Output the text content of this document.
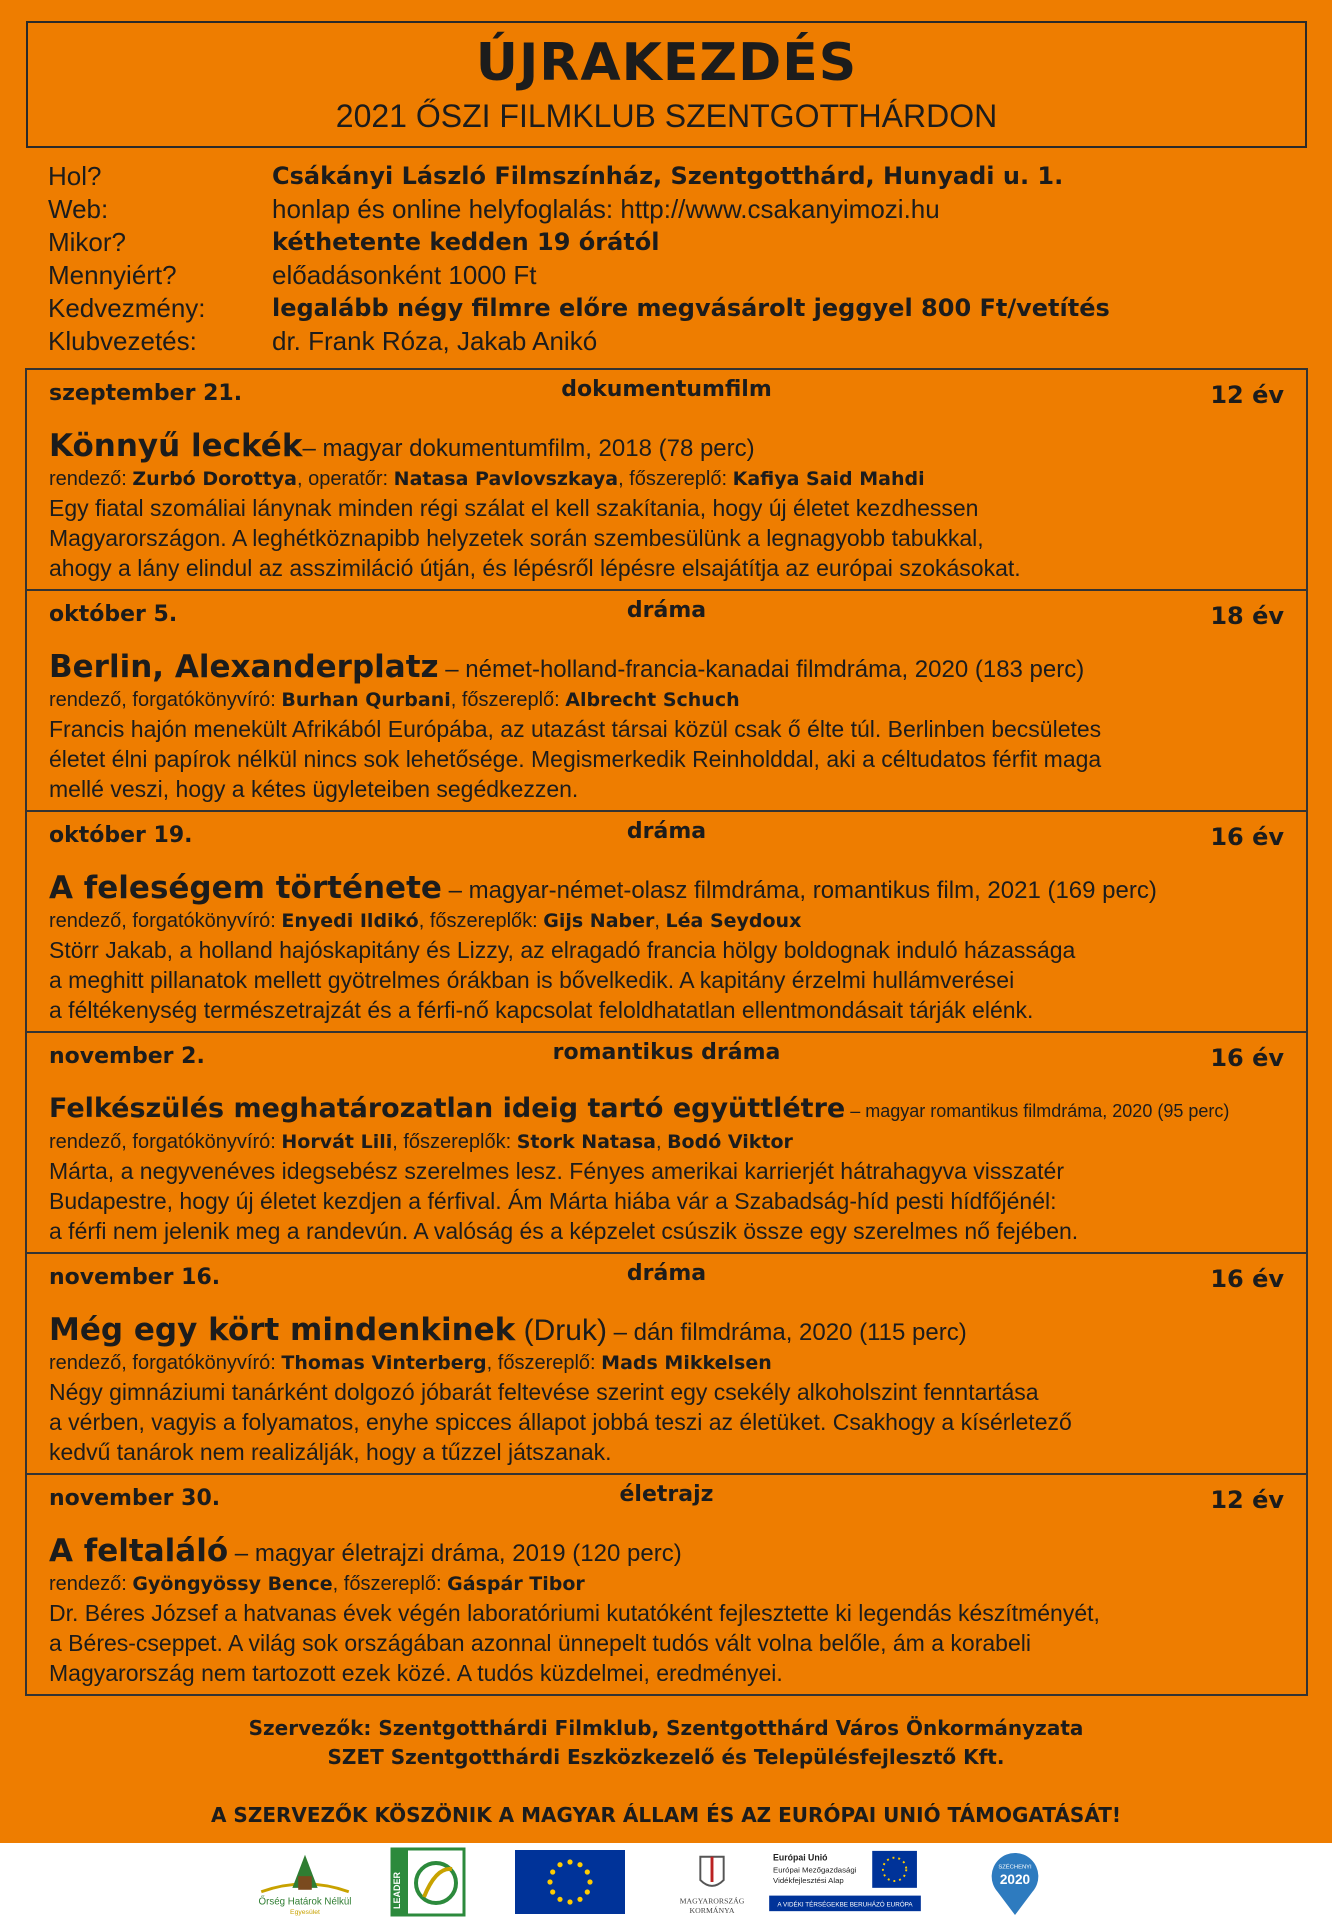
ÚJRAKEZDÉS
2021 ŐSZI FILMKLUB SZENTGOTTHÁRDON
Hol?	Csákányi László Filmszínház, Szentgotthárd, Hunyadi u. 1.
Web:	honlap és online helyfoglalás: http://www.csakanyimozi.hu
Mikor?	kéthetente kedden 19 órától
Mennyiért?	előadásonként 1000 Ft
Kedvezmény:	legalább négy filmre előre megvásárolt jeggyel 800 Ft/vetítés
Klubvezetés:	dr. Frank Róza, Jakab Anikó
szeptember 21.	dokumentumfilm	12 év
Könnyű leckék– magyar dokumentumfilm, 2018 (78 perc)
rendező: Zurbó Dorottya, operatőr: Natasa Pavlovszkaya, főszereplő: Kafiya Said Mahdi
Egy fiatal szomáliai lánynak minden régi szálat el kell szakítania, hogy új életet kezdhessen
Magyarországon. A leghétköznapibb helyzetek során szembesülünk a legnagyobb tabukkal,
ahogy a lány elindul az asszimiláció útján, és lépésről lépésre elsajátítja az európai szokásokat.
október 5.	dráma	18 év
Berlin, Alexanderplatz – német-holland-francia-kanadai filmdráma, 2020 (183 perc)
rendező, forgatókönyvíró: Burhan Qurbani, főszereplő: Albrecht Schuch
Francis hajón menekült Afrikából Európába, az utazást társai közül csak ő élte túl. Berlinben becsületes
életet élni papírok nélkül nincs sok lehetősége. Megismerkedik Reinholddal, aki a céltudatos férfit maga
mellé veszi, hogy a kétes ügyleteiben segédkezzen.
október 19.	dráma	16 év
A feleségem története – magyar-német-olasz filmdráma, romantikus film, 2021 (169 perc)
rendező, forgatókönyvíró: Enyedi Ildikó, főszereplők: Gijs Naber, Léa Seydoux
Störr Jakab, a holland hajóskapitány és Lizzy, az elragadó francia hölgy boldognak induló házassága
a meghitt pillanatok mellett gyötrelmes órákban is bővelkedik. A kapitány érzelmi hullámverései
a féltékenység természetrajzát és a férfi-nő kapcsolat feloldhatatlan ellentmondásait tárják elénk.
november 2.	romantikus dráma	16 év
Felkészülés meghatározatlan ideig tartó együttlétre – magyar romantikus filmdráma, 2020 (95 perc)
rendező, forgatókönyvíró: Horvát Lili, főszereplők: Stork Natasa, Bodó Viktor
Márta, a negyvenéves idegsebész szerelmes lesz. Fényes amerikai karrierjét hátrahagyva visszatér
Budapestre, hogy új életet kezdjen a férfival. Ám Márta hiába vár a Szabadság-híd pesti hídfőjénél:
a férfi nem jelenik meg a randevún. A valóság és a képzelet csúszik össze egy szerelmes nő fejében.
november 16.	dráma	16 év
Még egy kört mindenkinek (Druk) – dán filmdráma, 2020 (115 perc)
rendező, forgatókönyvíró: Thomas Vinterberg, főszereplő: Mads Mikkelsen
Négy gimnáziumi tanárként dolgozó jóbarát feltevése szerint egy csekély alkoholszint fenntartása
a vérben, vagyis a folyamatos, enyhe spicces állapot jobbá teszi az életüket. Csakhogy a kísérletező
kedvű tanárok nem realizálják, hogy a tűzzel játszanak.
november 30.	életrajz	12 év
A feltaláló – magyar életrajzi dráma, 2019 (120 perc)
rendező: Gyöngyössy Bence, főszereplő: Gáspár Tibor
Dr. Béres József a hatvanas évek végén laboratóriumi kutatóként fejlesztette ki legendás készítményét,
a Béres-cseppet. A világ sok országában azonnal ünnepelt tudós vált volna belőle, ám a korabeli
Magyarország nem tartozott ezek közé. A tudós küzdelmei, eredményei.
Szervezők: Szentgotthárdi Filmklub, Szentgotthárd Város Önkormányzata
SZET Szentgotthárdi Eszközkezelő és Településfejlesztő Kft.
A SZERVEZŐK KÖSZÖNIK A MAGYAR ÁLLAM ÉS AZ EURÓPAI UNIÓ TÁMOGATÁSÁT!
Őrség Határok Nélkül
Egyesület
LEADER	MAGYARORSZÁG
KORMÁNYA
Európai Unió
Európai Mezőgazdasági
Vidékfejlesztési Alap
A VIDÉKI TÉRSÉGEKBE BERUHÁZÓ EURÓPA
SZÉCHENYI
2020
